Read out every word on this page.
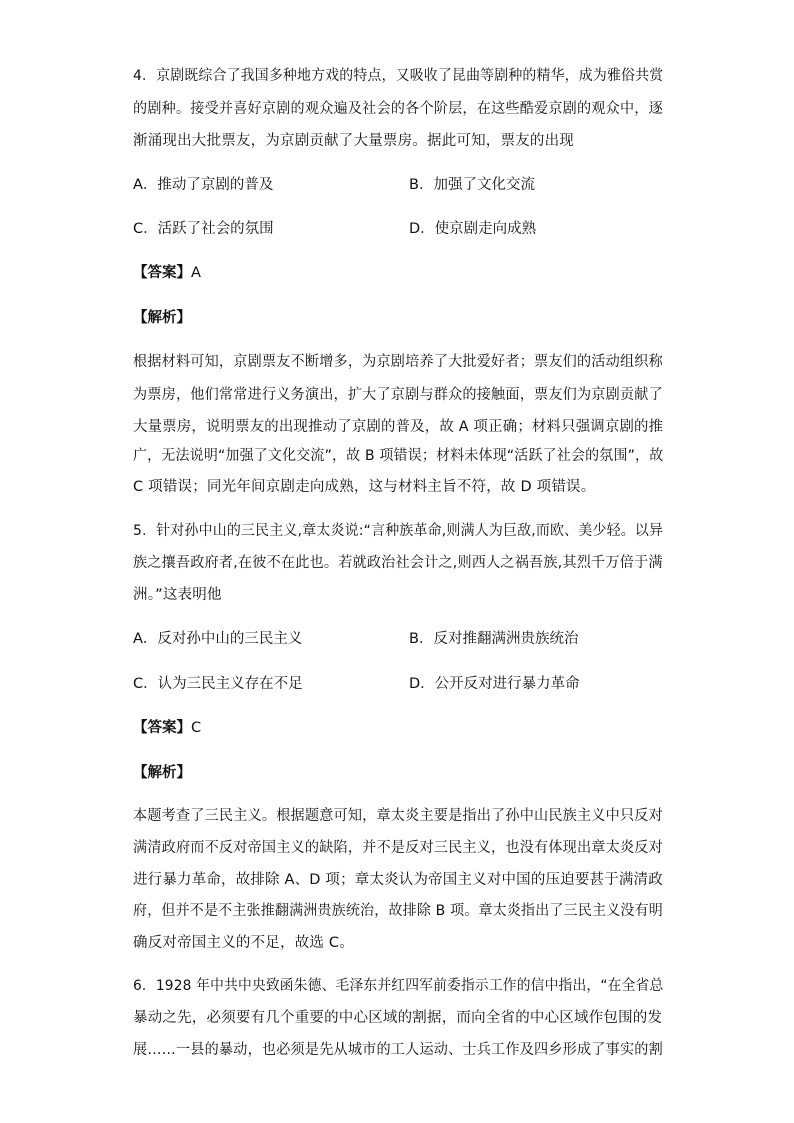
4．京剧既综合了我国多种地方戏的特点，又吸收了昆曲等剧种的精华，成为雅俗共赏
的剧种。接受并喜好京剧的观众遍及社会的各个阶层，在这些酷爱京剧的观众中，逐
渐涌现出大批票友，为京剧贡献了大量票房。据此可知，票友的出现
A．推动了京剧的普及	B．加强了文化交流
C．活跃了社会的氛围	D．使京剧走向成熟
【答案】A
【解析】
根据材料可知，京剧票友不断增多，为京剧培养了大批爱好者；票友们的活动组织称
为票房，他们常常进行义务演出，扩大了京剧与群众的接触面，票友们为京剧贡献了
大量票房，说明票友的出现推动了京剧的普及，故 A 项正确；材料只强调京剧的推
广，无法说明“加强了文化交流”，故 B 项错误；材料未体现“活跃了社会的氛围”，故
C 项错误；同光年间京剧走向成熟，这与材料主旨不符，故 D 项错误。
5．针对孙中山的三民主义,章太炎说:“言种族革命,则满人为巨敌,而欧、美少轻。以异
族之攘吾政府者,在彼不在此也。若就政治社会计之,则西人之祸吾族,其烈千万倍于满
洲。”这表明他
A．反对孙中山的三民主义	B．反对推翻满洲贵族统治
C．认为三民主义存在不足	D．公开反对进行暴力革命
【答案】C
【解析】
本题考查了三民主义。根据题意可知，章太炎主要是指出了孙中山民族主义中只反对
满清政府而不反对帝国主义的缺陷，并不是反对三民主义，也没有体现出章太炎反对
进行暴力革命，故排除 A、D 项；章太炎认为帝国主义对中国的压迫要甚于满清政
府，但并不是不主张推翻满洲贵族统治，故排除 B 项。章太炎指出了三民主义没有明
确反对帝国主义的不足，故选 C。
6．1928 年中共中央致函朱德、毛泽东并红四军前委指示工作的信中指出，“在全省总
暴动之先，必须要有几个重要的中心区域的割据，而向全省的中心区域作包围的发
展……一县的暴动，也必须是先从城市的工人运动、士兵工作及四乡形成了事实的割
